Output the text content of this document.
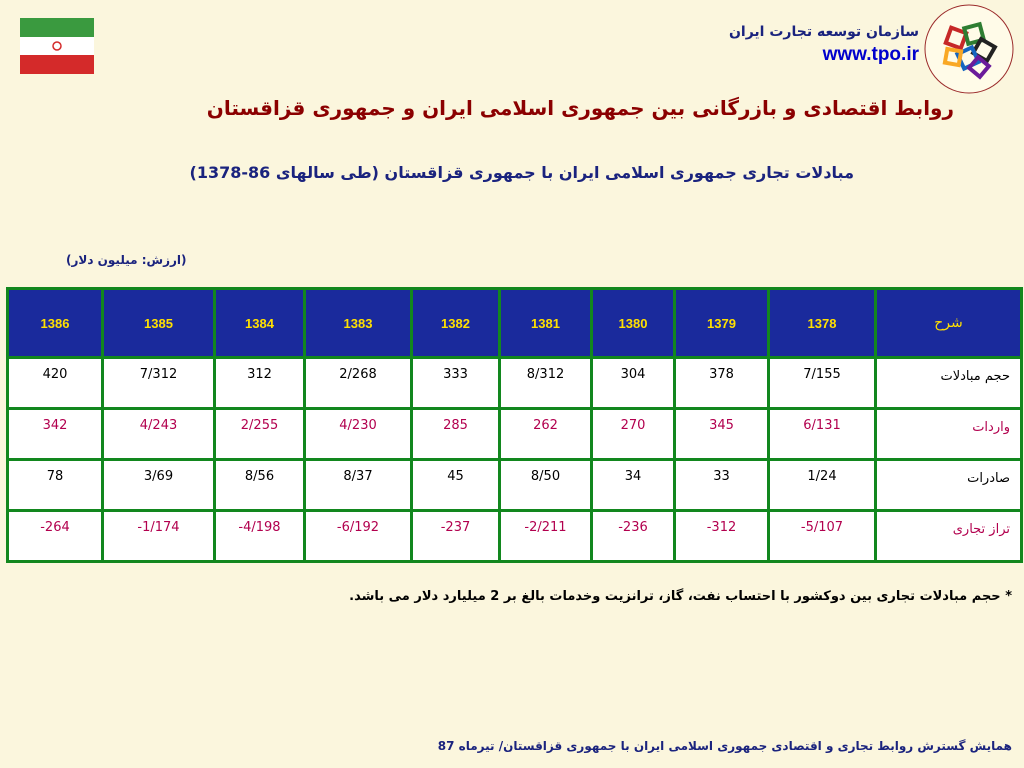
سازمان توسعه تجارت ایران
www.tpo.ir
روابط اقتصادی و بازرگانی بین جمهوری اسلامی ایران و جمهوری قزاقستان
مبادلات تجاری جمهوری اسلامی ایران با جمهوری قزاقستان (طی سالهای 86-1378)
(ارزش: میلیون دلار)
شرح	1378	1379	1380	1381	1382	1383	1384	1385	1386
حجم مبادلات	7/155	378	304	8/312	333	2/268	312	7/312	420
واردات	6/131	345	270	262	285	4/230	2/255	4/243	342
صادرات	1/24	33	34	8/50	45	8/37	8/56	3/69	78
تراز تجاری	-5/107	-312	-236	-2/211	-237	-6/192	-4/198	-1/174	-264
* حجم مبادلات تجاری بین دوکشور با احتساب نفت، گاز، ترانزیت وخدمات بالغ بر 2 میلیارد دلار می باشد.
همایش گسترش روابط تجاری و اقتصادی جمهوری اسلامی ایران با جمهوری قزاقستان/ تیرماه 87
